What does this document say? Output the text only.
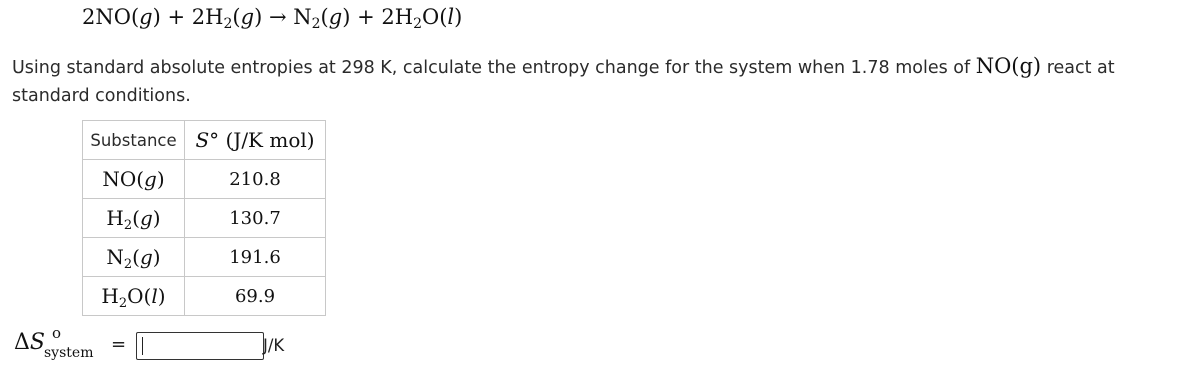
$2NO(g) + 2H_2(g) \to N_2(g) + 2H_2O(l)$
Using standard absolute entropies at 298 K, calculate the entropy change for the system when 1.78 moles of NO(g) react at standard conditions.
Substance	S° (J/K mol)
NO(g)	210.8
$H_2(g)$	130.7
$N_2(g)$	191.6
$H_2O(l)$	69.9
ΔS o
system =	J/K
